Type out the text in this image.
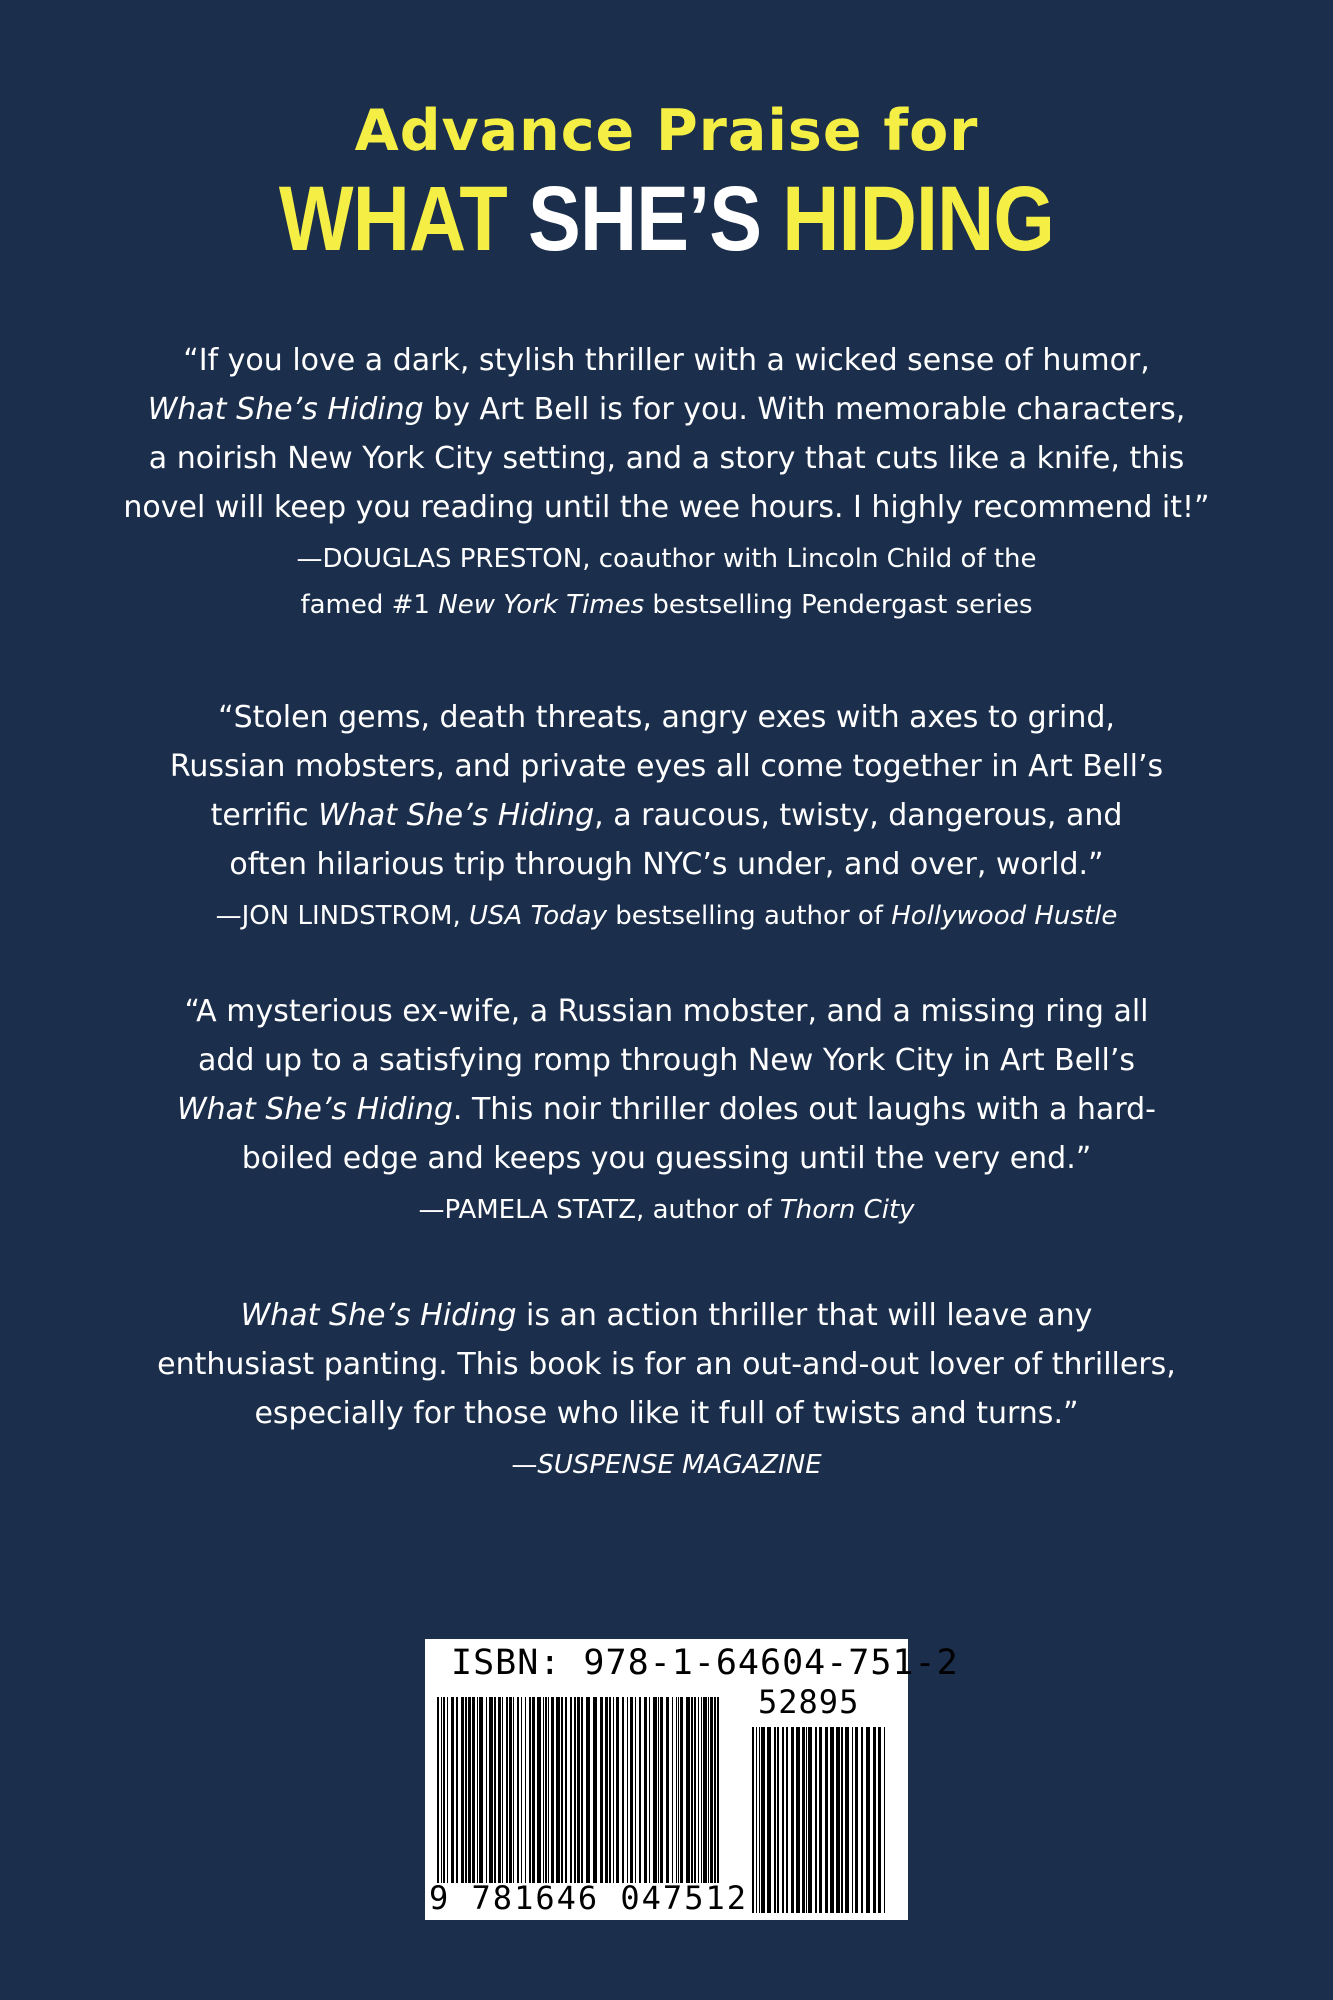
Advance Praise for
WHAT SHE’S HIDING
“If you love a dark, stylish thriller with a wicked sense of humor,
What She’s Hiding by Art Bell is for you. With memorable characters,
a noirish New York City setting, and a story that cuts like a knife, this
novel will keep you reading until the wee hours. I highly recommend it!”
—DOUGLAS PRESTON, coauthor with Lincoln Child of the
famed #1 New York Times bestselling Pendergast series
“Stolen gems, death threats, angry exes with axes to grind,
Russian mobsters, and private eyes all come together in Art Bell’s
terrific What She’s Hiding, a raucous, twisty, dangerous, and
often hilarious trip through NYC’s under, and over, world.”
—JON LINDSTROM, USA Today bestselling author of Hollywood Hustle
“A mysterious ex-wife, a Russian mobster, and a missing ring all
add up to a satisfying romp through New York City in Art Bell’s
What She’s Hiding. This noir thriller doles out laughs with a hard-
boiled edge and keeps you guessing until the very end.”
—PAMELA STATZ, author of Thorn City
What She’s Hiding is an action thriller that will leave any
enthusiast panting. This book is for an out-and-out lover of thrillers,
especially for those who like it full of twists and turns.”
—SUSPENSE MAGAZINE
ISBN: 978-1-64604-751-2
52895
9 781646 047512
